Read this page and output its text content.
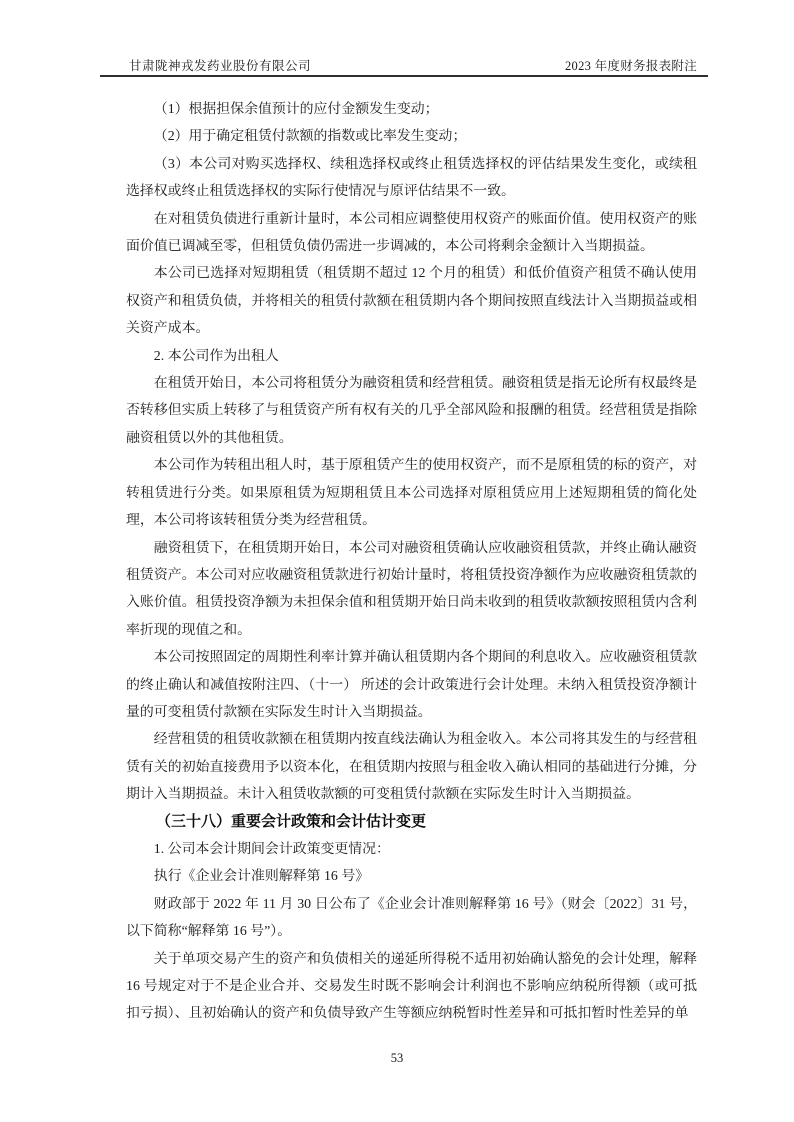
甘肃陇神戎发药业股份有限公司	2023 年度财务报表附注

（1）根据担保余值预计的应付金额发生变动；

（2）用于确定租赁付款额的指数或比率发生变动；

（3）本公司对购买选择权、续租选择权或终止租赁选择权的评估结果发生变化，或续租选择权或终止租赁选择权的实际行使情况与原评估结果不一致。

在对租赁负债进行重新计量时，本公司相应调整使用权资产的账面价值。使用权资产的账面价值已调减至零，但租赁负债仍需进一步调减的，本公司将剩余金额计入当期损益。

本公司已选择对短期租赁（租赁期不超过 12 个月的租赁）和低价值资产租赁不确认使用权资产和租赁负债，并将相关的租赁付款额在租赁期内各个期间按照直线法计入当期损益或相关资产成本。

2. 本公司作为出租人

在租赁开始日，本公司将租赁分为融资租赁和经营租赁。融资租赁是指无论所有权最终是否转移但实质上转移了与租赁资产所有权有关的几乎全部风险和报酬的租赁。经营租赁是指除融资租赁以外的其他租赁。

本公司作为转租出租人时，基于原租赁产生的使用权资产，而不是原租赁的标的资产，对转租赁进行分类。如果原租赁为短期租赁且本公司选择对原租赁应用上述短期租赁的简化处理，本公司将该转租赁分类为经营租赁。

融资租赁下，在租赁期开始日，本公司对融资租赁确认应收融资租赁款，并终止确认融资租赁资产。本公司对应收融资租赁款进行初始计量时，将租赁投资净额作为应收融资租赁款的入账价值。租赁投资净额为未担保余值和租赁期开始日尚未收到的租赁收款额按照租赁内含利率折现的现值之和。

本公司按照固定的周期性利率计算并确认租赁期内各个期间的利息收入。应收融资租赁款的终止确认和减值按附注四、（十一） 所述的会计政策进行会计处理。未纳入租赁投资净额计量的可变租赁付款额在实际发生时计入当期损益。

经营租赁的租赁收款额在租赁期内按直线法确认为租金收入。本公司将其发生的与经营租赁有关的初始直接费用予以资本化，在租赁期内按照与租金收入确认相同的基础进行分摊，分期计入当期损益。未计入租赁收款额的可变租赁付款额在实际发生时计入当期损益。

（三十八）重要会计政策和会计估计变更

1. 公司本会计期间会计政策变更情况：

执行《企业会计准则解释第 16 号》

财政部于 2022 年 11 月 30 日公布了《企业会计准则解释第 16 号》（财会〔2022〕31 号，以下简称“解释第 16 号”）。

关于单项交易产生的资产和负债相关的递延所得税不适用初始确认豁免的会计处理，解释 16 号规定对于不是企业合并、交易发生时既不影响会计利润也不影响应纳税所得额（或可抵扣亏损）、且初始确认的资产和负债导致产生等额应纳税暂时性差异和可抵扣暂时性差异的单

53
